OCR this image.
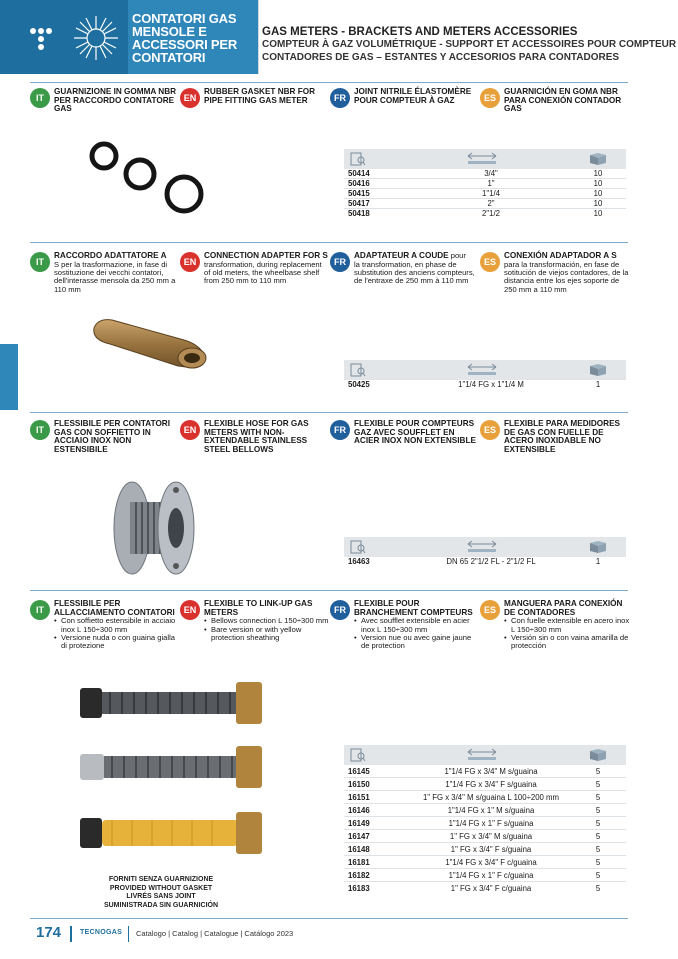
CONTATORI GAS MENSOLE E ACCESSORI PER CONTATORI
GAS METERS - BRACKETS AND METERS ACCESSORIES
COMPTEUR À GAZ VOLUMÉTRIQUE - SUPPORT ET ACCESSOIRES POUR COMPTEUR
CONTADORES DE GAS – ESTANTES Y ACCESORIOS PARA CONTADORES
IT
GUARNIZIONE IN GOMMA NBR PER RACCORDO CONTATORE GAS
EN
RUBBER GASKET NBR FOR PIPE FITTING GAS METER	FR
JOINT NITRILE ÉLASTOMÈRE POUR COMPTEUR À GAZ	ES
GUARNICIÓN EN GOMA NBR PARA CONEXIÓN CONTADOR GAS
50414	3/4"	10
50416	1"	10
50415	1"1/4	10
50417	2"	10
50418	2"1/2	10
IT
RACCORDO ADATTATORE A
S per la trasformazione, in fase di sostituzione dei vecchi contatori, dell'interasse mensola da 250 mm a 110 mm
EN
CONNECTION ADAPTER FOR S
transformation, during replacement of old meters, the wheelbase shelf from 250 mm to 110 mm
FR
ADAPTATEUR A COUDE pour
la transformation, en phase de substitution des anciens compteurs, de l'entraxe de 250 mm à 110 mm
ES
CONEXIÓN ADAPTADOR A S
para la transformación, en fase de sotitución de viejos contadores, de la distancia entre los ejes soporte de 250 mm a 110 mm
50425	1"1/4 FG x 1"1/4 M	1
IT
FLESSIBILE PER CONTATORI GAS CON SOFFIETTO IN ACCIAIO INOX NON ESTENSIBILE
EN
FLEXIBLE HOSE FOR GAS METERS WITH NON-EXTENDABLE STAINLESS STEEL BELLOWS
FR
FLEXIBLE POUR COMPTEURS GAZ AVEC SOUFFLET EN ACIER INOX NON EXTENSIBLE
ES
FLEXIBLE PARA MEDIDORES DE GAS CON FUELLE DE ACERO INOXIDABLE NO EXTENSIBLE
16463	DN 65 2"1/2 FL - 2"1/2 FL	1
IT
FLESSIBILE PER ALLACCIAMENTO CONTATORI
• Con soffietto estensibile in acciaio inox L 150÷300 mm
• Versione nuda o con guaina gialla di protezione
EN
FLEXIBLE TO LINK-UP GAS METERS
• Bellows connection L 150÷300 mm
• Bare version or with yellow protection sheathing
FR
FLEXIBLE POUR BRANCHEMENT COMPTEURS
• Avec soufflet extensible en acier inox L 150÷300 mm
• Version nue ou avec gaine jaune de protection
ES
MANGUERA PARA CONEXIÓN DE CONTADORES
• Con fuelle extensible en acero inox L 150÷300 mm
• Versión sin o con vaina amarilla de protección
FORNITI SENZA GUARNIZIONE
PROVIDED WITHOUT GASKET
LIVRÉS SANS JOINT
SUMINISTRADA SIN GUARNICIÓN
16145	1"1/4 FG x 3/4" M s/guaina	5
16150	1"1/4 FG x 3/4" F s/guaina	5
16151	1" FG x 3/4" M s/guaina L 100÷200 mm	5
16146	1"1/4 FG x 1" M s/guaina	5
16149	1"1/4 FG x 1" F s/guaina	5
16147	1" FG x 3/4" M s/guaina	5
16148	1" FG x 3/4" F s/guaina	5
16181	1"1/4 FG x 3/4" F c/guaina	5
16182	1"1/4 FG x 1" F c/guaina	5
16183	1" FG x 3/4" F c/guaina	5
174	TECNOGAS Catalogo | Catalog | Catalogue | Catálogo 2023
